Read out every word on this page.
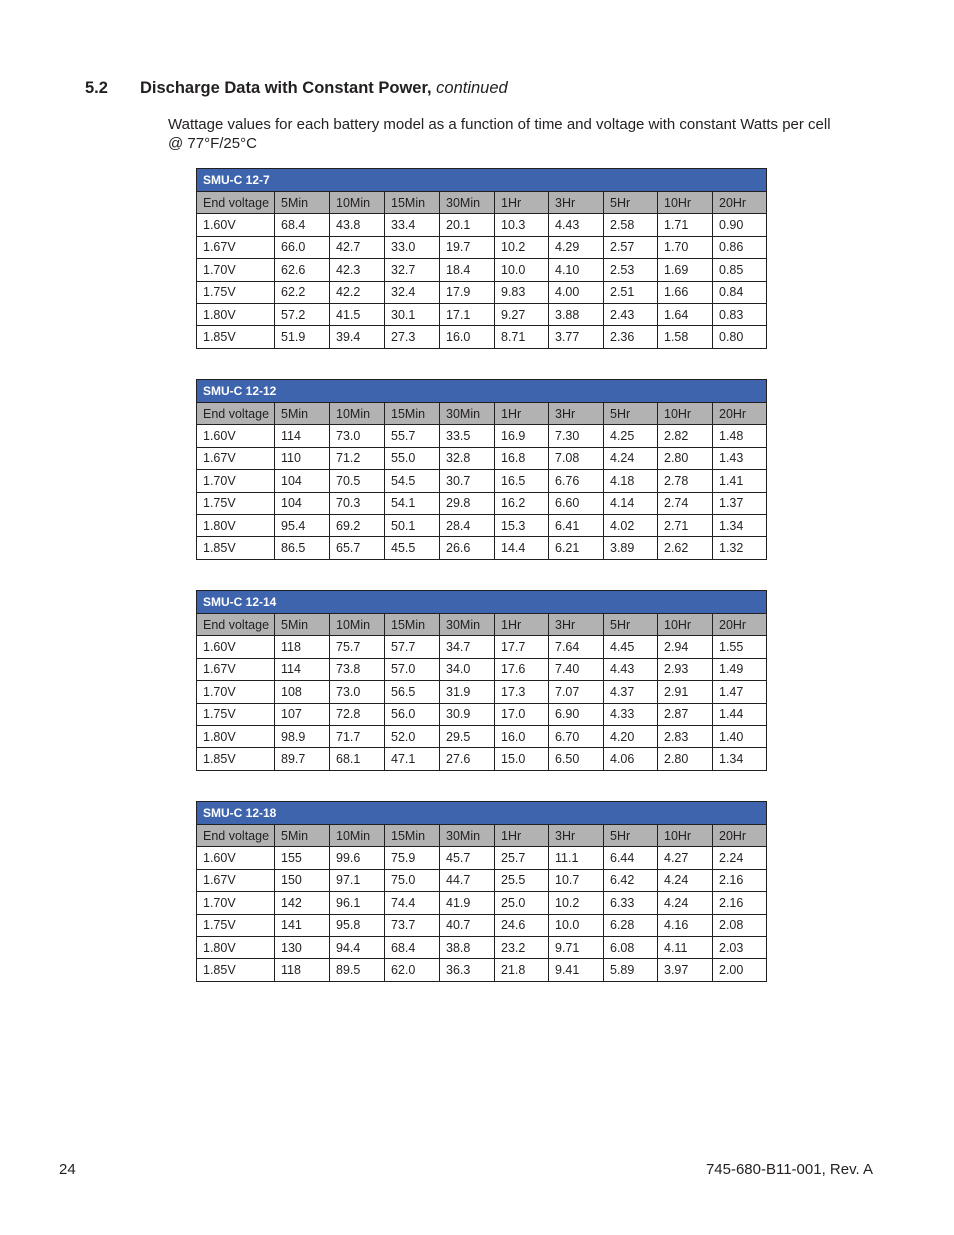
5.2 Discharge Data with Constant Power, continued
Wattage values for each battery model as a function of time and voltage with constant Watts per cell @ 77°F/25°C
SMU-C 12-7									
End voltage	5Min	10Min	15Min	30Min	1Hr	3Hr	5Hr	10Hr	20Hr
1.60V	68.4	43.8	33.4	20.1	10.3	4.43	2.58	1.71	0.90
1.67V	66.0	42.7	33.0	19.7	10.2	4.29	2.57	1.70	0.86
1.70V	62.6	42.3	32.7	18.4	10.0	4.10	2.53	1.69	0.85
1.75V	62.2	42.2	32.4	17.9	9.83	4.00	2.51	1.66	0.84
1.80V	57.2	41.5	30.1	17.1	9.27	3.88	2.43	1.64	0.83
1.85V	51.9	39.4	27.3	16.0	8.71	3.77	2.36	1.58	0.80
SMU-C 12-12									
End voltage	5Min	10Min	15Min	30Min	1Hr	3Hr	5Hr	10Hr	20Hr
1.60V	114	73.0	55.7	33.5	16.9	7.30	4.25	2.82	1.48
1.67V	110	71.2	55.0	32.8	16.8	7.08	4.24	2.80	1.43
1.70V	104	70.5	54.5	30.7	16.5	6.76	4.18	2.78	1.41
1.75V	104	70.3	54.1	29.8	16.2	6.60	4.14	2.74	1.37
1.80V	95.4	69.2	50.1	28.4	15.3	6.41	4.02	2.71	1.34
1.85V	86.5	65.7	45.5	26.6	14.4	6.21	3.89	2.62	1.32
SMU-C 12-14									
End voltage	5Min	10Min	15Min	30Min	1Hr	3Hr	5Hr	10Hr	20Hr
1.60V	118	75.7	57.7	34.7	17.7	7.64	4.45	2.94	1.55
1.67V	114	73.8	57.0	34.0	17.6	7.40	4.43	2.93	1.49
1.70V	108	73.0	56.5	31.9	17.3	7.07	4.37	2.91	1.47
1.75V	107	72.8	56.0	30.9	17.0	6.90	4.33	2.87	1.44
1.80V	98.9	71.7	52.0	29.5	16.0	6.70	4.20	2.83	1.40
1.85V	89.7	68.1	47.1	27.6	15.0	6.50	4.06	2.80	1.34
SMU-C 12-18									
End voltage	5Min	10Min	15Min	30Min	1Hr	3Hr	5Hr	10Hr	20Hr
1.60V	155	99.6	75.9	45.7	25.7	11.1	6.44	4.27	2.24
1.67V	150	97.1	75.0	44.7	25.5	10.7	6.42	4.24	2.16
1.70V	142	96.1	74.4	41.9	25.0	10.2	6.33	4.24	2.16
1.75V	141	95.8	73.7	40.7	24.6	10.0	6.28	4.16	2.08
1.80V	130	94.4	68.4	38.8	23.2	9.71	6.08	4.11	2.03
1.85V	118	89.5	62.0	36.3	21.8	9.41	5.89	3.97	2.00
24	745-680-B11-001, Rev. A
